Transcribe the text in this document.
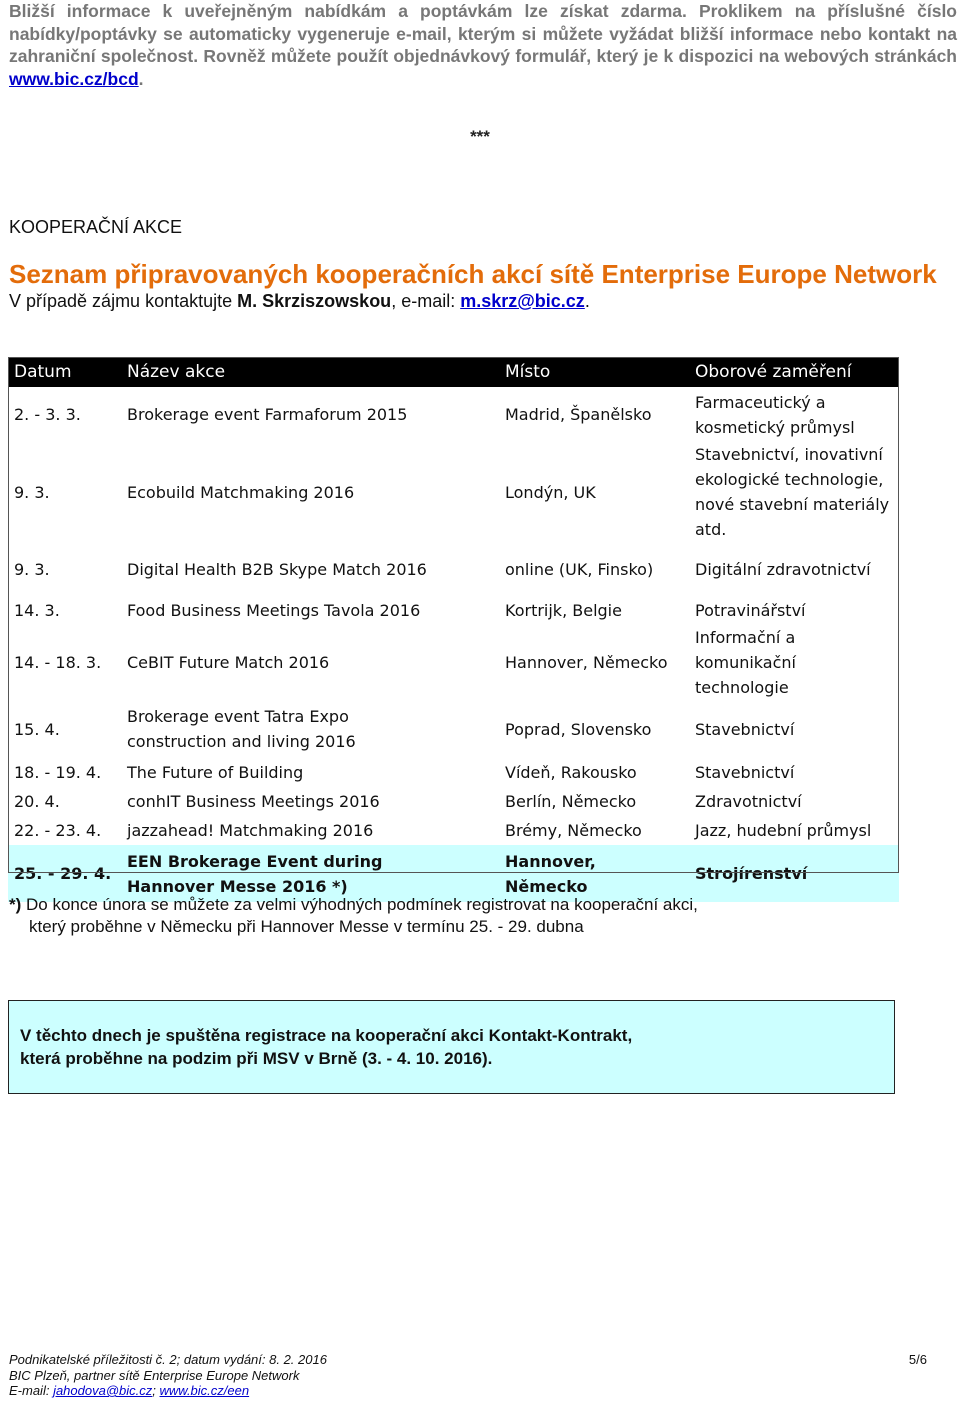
Bližší informace k uveřejněným nabídkám a poptávkám lze získat zdarma. Proklikem na příslušné číslo nabídky/poptávky se automaticky vygeneruje e-mail, kterým si můžete vyžádat bližší informace nebo kontakt na zahraniční společnost. Rovněž můžete použít objednávkový formulář, který je k dispozici na webových stránkách www.bic.cz/bcd.
***
KOOPERAČNÍ AKCE
Seznam připravovaných kooperačních akcí sítě Enterprise Europe Network
V případě zájmu kontaktujte M. Skrziszowskou, e-mail: m.skrz@bic.cz.
Datum	Název akce	Místo	Oborové zaměření
2. - 3. 3.	Brokerage event Farmaforum 2015	Madrid, Španělsko	Farmaceutický a kosmetický průmysl
9. 3.	Ecobuild Matchmaking 2016	Londýn, UK	Stavebnictví, inovativní ekologické technologie, nové stavební materiály atd.
9. 3.	Digital Health B2B Skype Match 2016	online (UK, Finsko)	Digitální zdravotnictví
14. 3.	Food Business Meetings Tavola 2016	Kortrijk, Belgie	Potravinářství
14. - 18. 3.	CeBIT Future Match 2016	Hannover, Německo	Informační a komunikační technologie
15. 4.	Brokerage event Tatra Expo construction and living 2016	Poprad, Slovensko	Stavebnictví
18. - 19. 4.	The Future of Building	Vídeň, Rakousko	Stavebnictví
20. 4.	conhIT Business Meetings 2016	Berlín, Německo	Zdravotnictví
22. - 23. 4.	jazzahead! Matchmaking 2016	Brémy, Německo	Jazz, hudební průmysl
25. - 29. 4.	EEN Brokerage Event during Hannover Messe 2016 *)	Hannover, Německo	Strojírenství
*) Do konce února se můžete za velmi výhodných podmínek registrovat na kooperační akci,
který proběhne v Německu při Hannover Messe v termínu 25. - 29. dubna
V těchto dnech je spuštěna registrace na kooperační akci Kontakt-Kontrakt,
která proběhne na podzim při MSV v Brně (3. - 4. 10. 2016).
Podnikatelské příležitosti č. 2; datum vydání: 8. 2. 2016
BIC Plzeň, partner sítě Enterprise Europe Network
E-mail: jahodova@bic.cz; www.bic.cz/een
5/6
